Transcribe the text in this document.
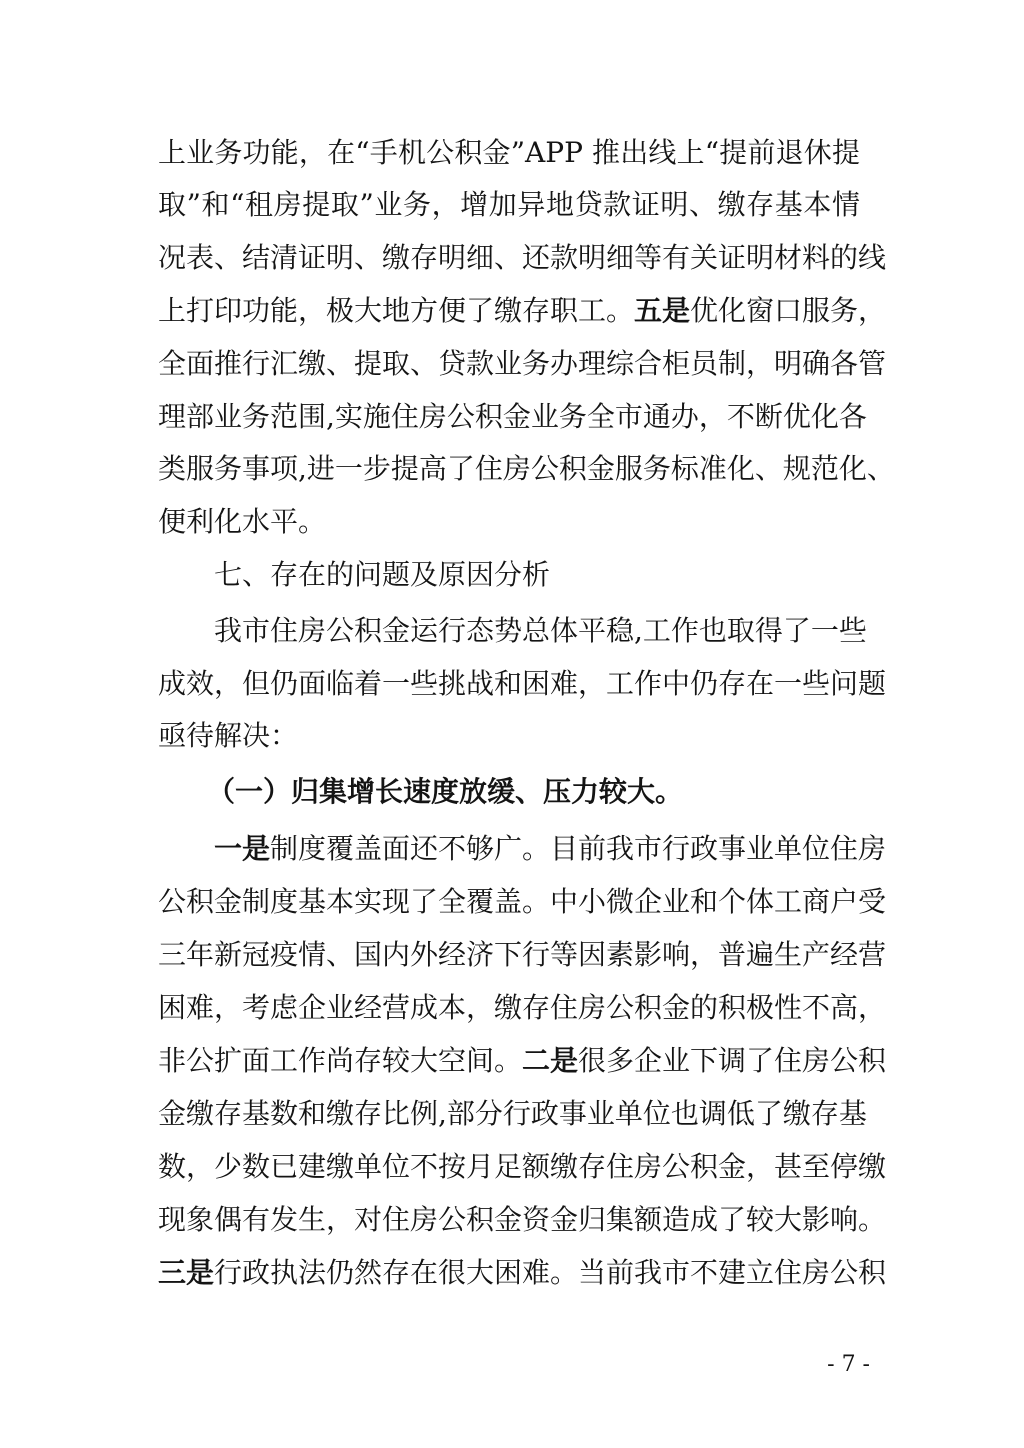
上业务功能，在“手机公积金”APP 推出线上“提前退休提
取”和“租房提取”业务，增加异地贷款证明、缴存基本情
况表、结清证明、缴存明细、还款明细等有关证明材料的线
上打印功能，极大地方便了缴存职工。五是优化窗口服务，
全面推行汇缴、提取、贷款业务办理综合柜员制，明确各管
理部业务范围,实施住房公积金业务全市通办，不断优化各
类服务事项,进一步提高了住房公积金服务标准化、规范化、
便利化水平。
七、存在的问题及原因分析
我市住房公积金运行态势总体平稳,工作也取得了一些
成效，但仍面临着一些挑战和困难，工作中仍存在一些问题
亟待解决：
（一）归集增长速度放缓、压力较大。
一是制度覆盖面还不够广。目前我市行政事业单位住房
公积金制度基本实现了全覆盖。中小微企业和个体工商户受
三年新冠疫情、国内外经济下行等因素影响，普遍生产经营
困难，考虑企业经营成本，缴存住房公积金的积极性不高，
非公扩面工作尚存较大空间。二是很多企业下调了住房公积
金缴存基数和缴存比例,部分行政事业单位也调低了缴存基
数，少数已建缴单位不按月足额缴存住房公积金，甚至停缴
现象偶有发生，对住房公积金资金归集额造成了较大影响。
三是行政执法仍然存在很大困难。当前我市不建立住房公积
- 7 -
